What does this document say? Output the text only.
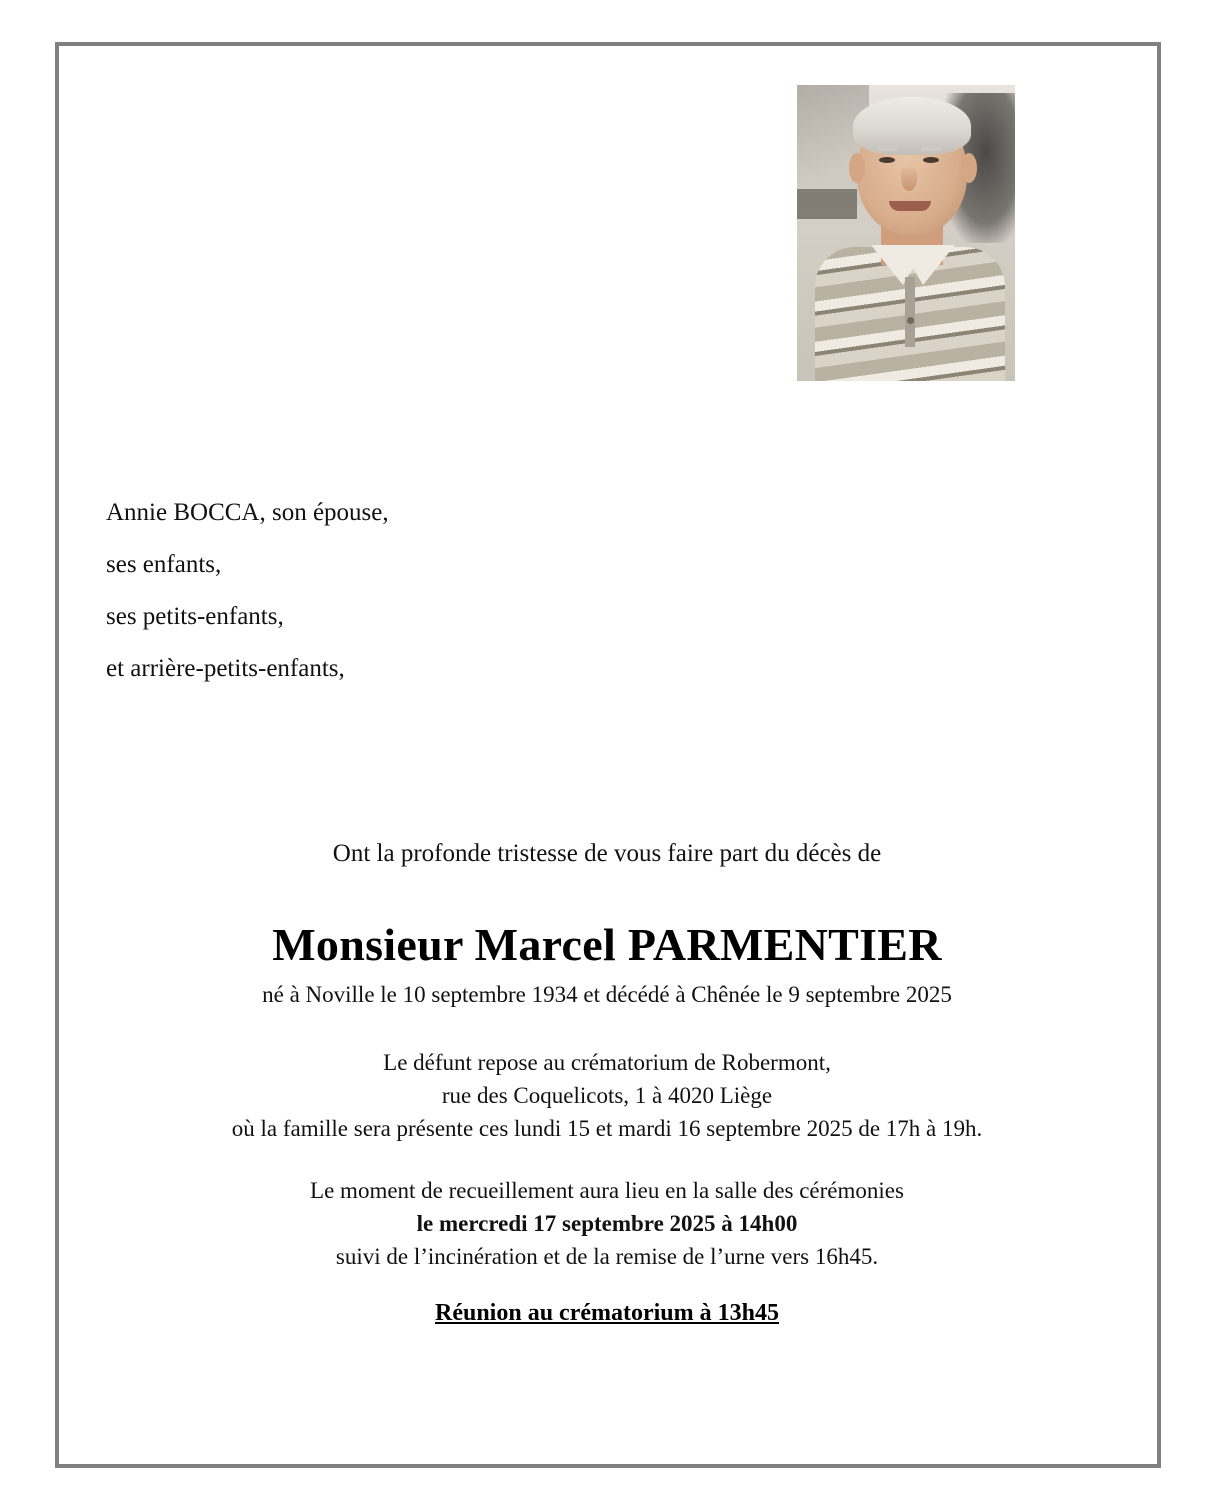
Annie BOCCA, son épouse,
ses enfants,
ses petits-enfants,
et arrière-petits-enfants,
Ont la profonde tristesse de vous faire part du décès de
Monsieur Marcel PARMENTIER
né à Noville le 10 septembre 1934 et décédé à Chênée le 9 septembre 2025
Le défunt repose au crématorium de Robermont,
rue des Coquelicots, 1 à 4020 Liège
où la famille sera présente ces lundi 15 et mardi 16 septembre 2025 de 17h à 19h.
Le moment de recueillement aura lieu en la salle des cérémonies
le mercredi 17 septembre 2025 à 14h00
suivi de l’incinération et de la remise de l’urne vers 16h45.
Réunion au crématorium à 13h45
